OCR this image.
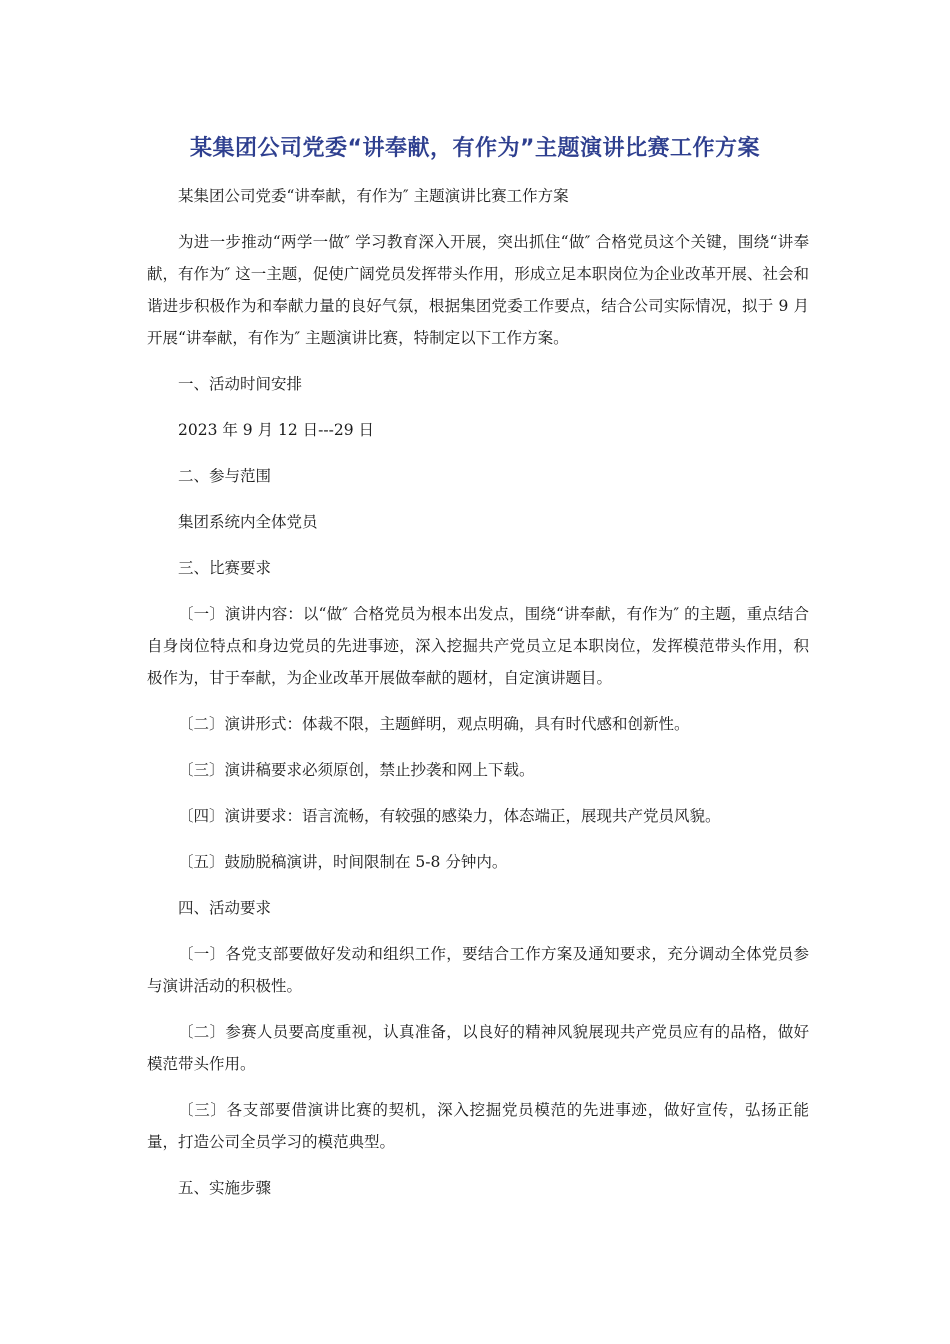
某集团公司党委“讲奉献，有作为”主题演讲比赛工作方案

某集团公司党委“讲奉献，有作为″ 主题演讲比赛工作方案

为进一步推动“两学一做″ 学习教育深入开展，突出抓住“做″ 合格党员这个关键，围绕“讲奉献，有作为″ 这一主题，促使广阔党员发挥带头作用，形成立足本职岗位为企业改革开展、社会和谐进步积极作为和奉献力量的良好气氛，根据集团党委工作要点，结合公司实际情况，拟于 9 月开展“讲奉献，有作为″ 主题演讲比赛，特制定以下工作方案。

一、活动时间安排

2023 年 9 月 12 日---29 日

二、参与范围

集团系统内全体党员

三、比赛要求

〔一〕演讲内容：以“做″ 合格党员为根本出发点，围绕“讲奉献，有作为″ 的主题，重点结合自身岗位特点和身边党员的先进事迹，深入挖掘共产党员立足本职岗位，发挥模范带头作用，积极作为，甘于奉献，为企业改革开展做奉献的题材，自定演讲题目。

〔二〕演讲形式：体裁不限，主题鲜明，观点明确，具有时代感和创新性。

〔三〕演讲稿要求必须原创，禁止抄袭和网上下载。

〔四〕演讲要求：语言流畅，有较强的感染力，体态端正，展现共产党员风貌。

〔五〕鼓励脱稿演讲，时间限制在 5-8 分钟内。

四、活动要求

〔一〕各党支部要做好发动和组织工作，要结合工作方案及通知要求，充分调动全体党员参与演讲活动的积极性。

〔二〕参赛人员要高度重视，认真准备，以良好的精神风貌展现共产党员应有的品格，做好模范带头作用。

〔三〕各支部要借演讲比赛的契机，深入挖掘党员模范的先进事迹，做好宣传，弘扬正能量，打造公司全员学习的模范典型。

五、实施步骤
